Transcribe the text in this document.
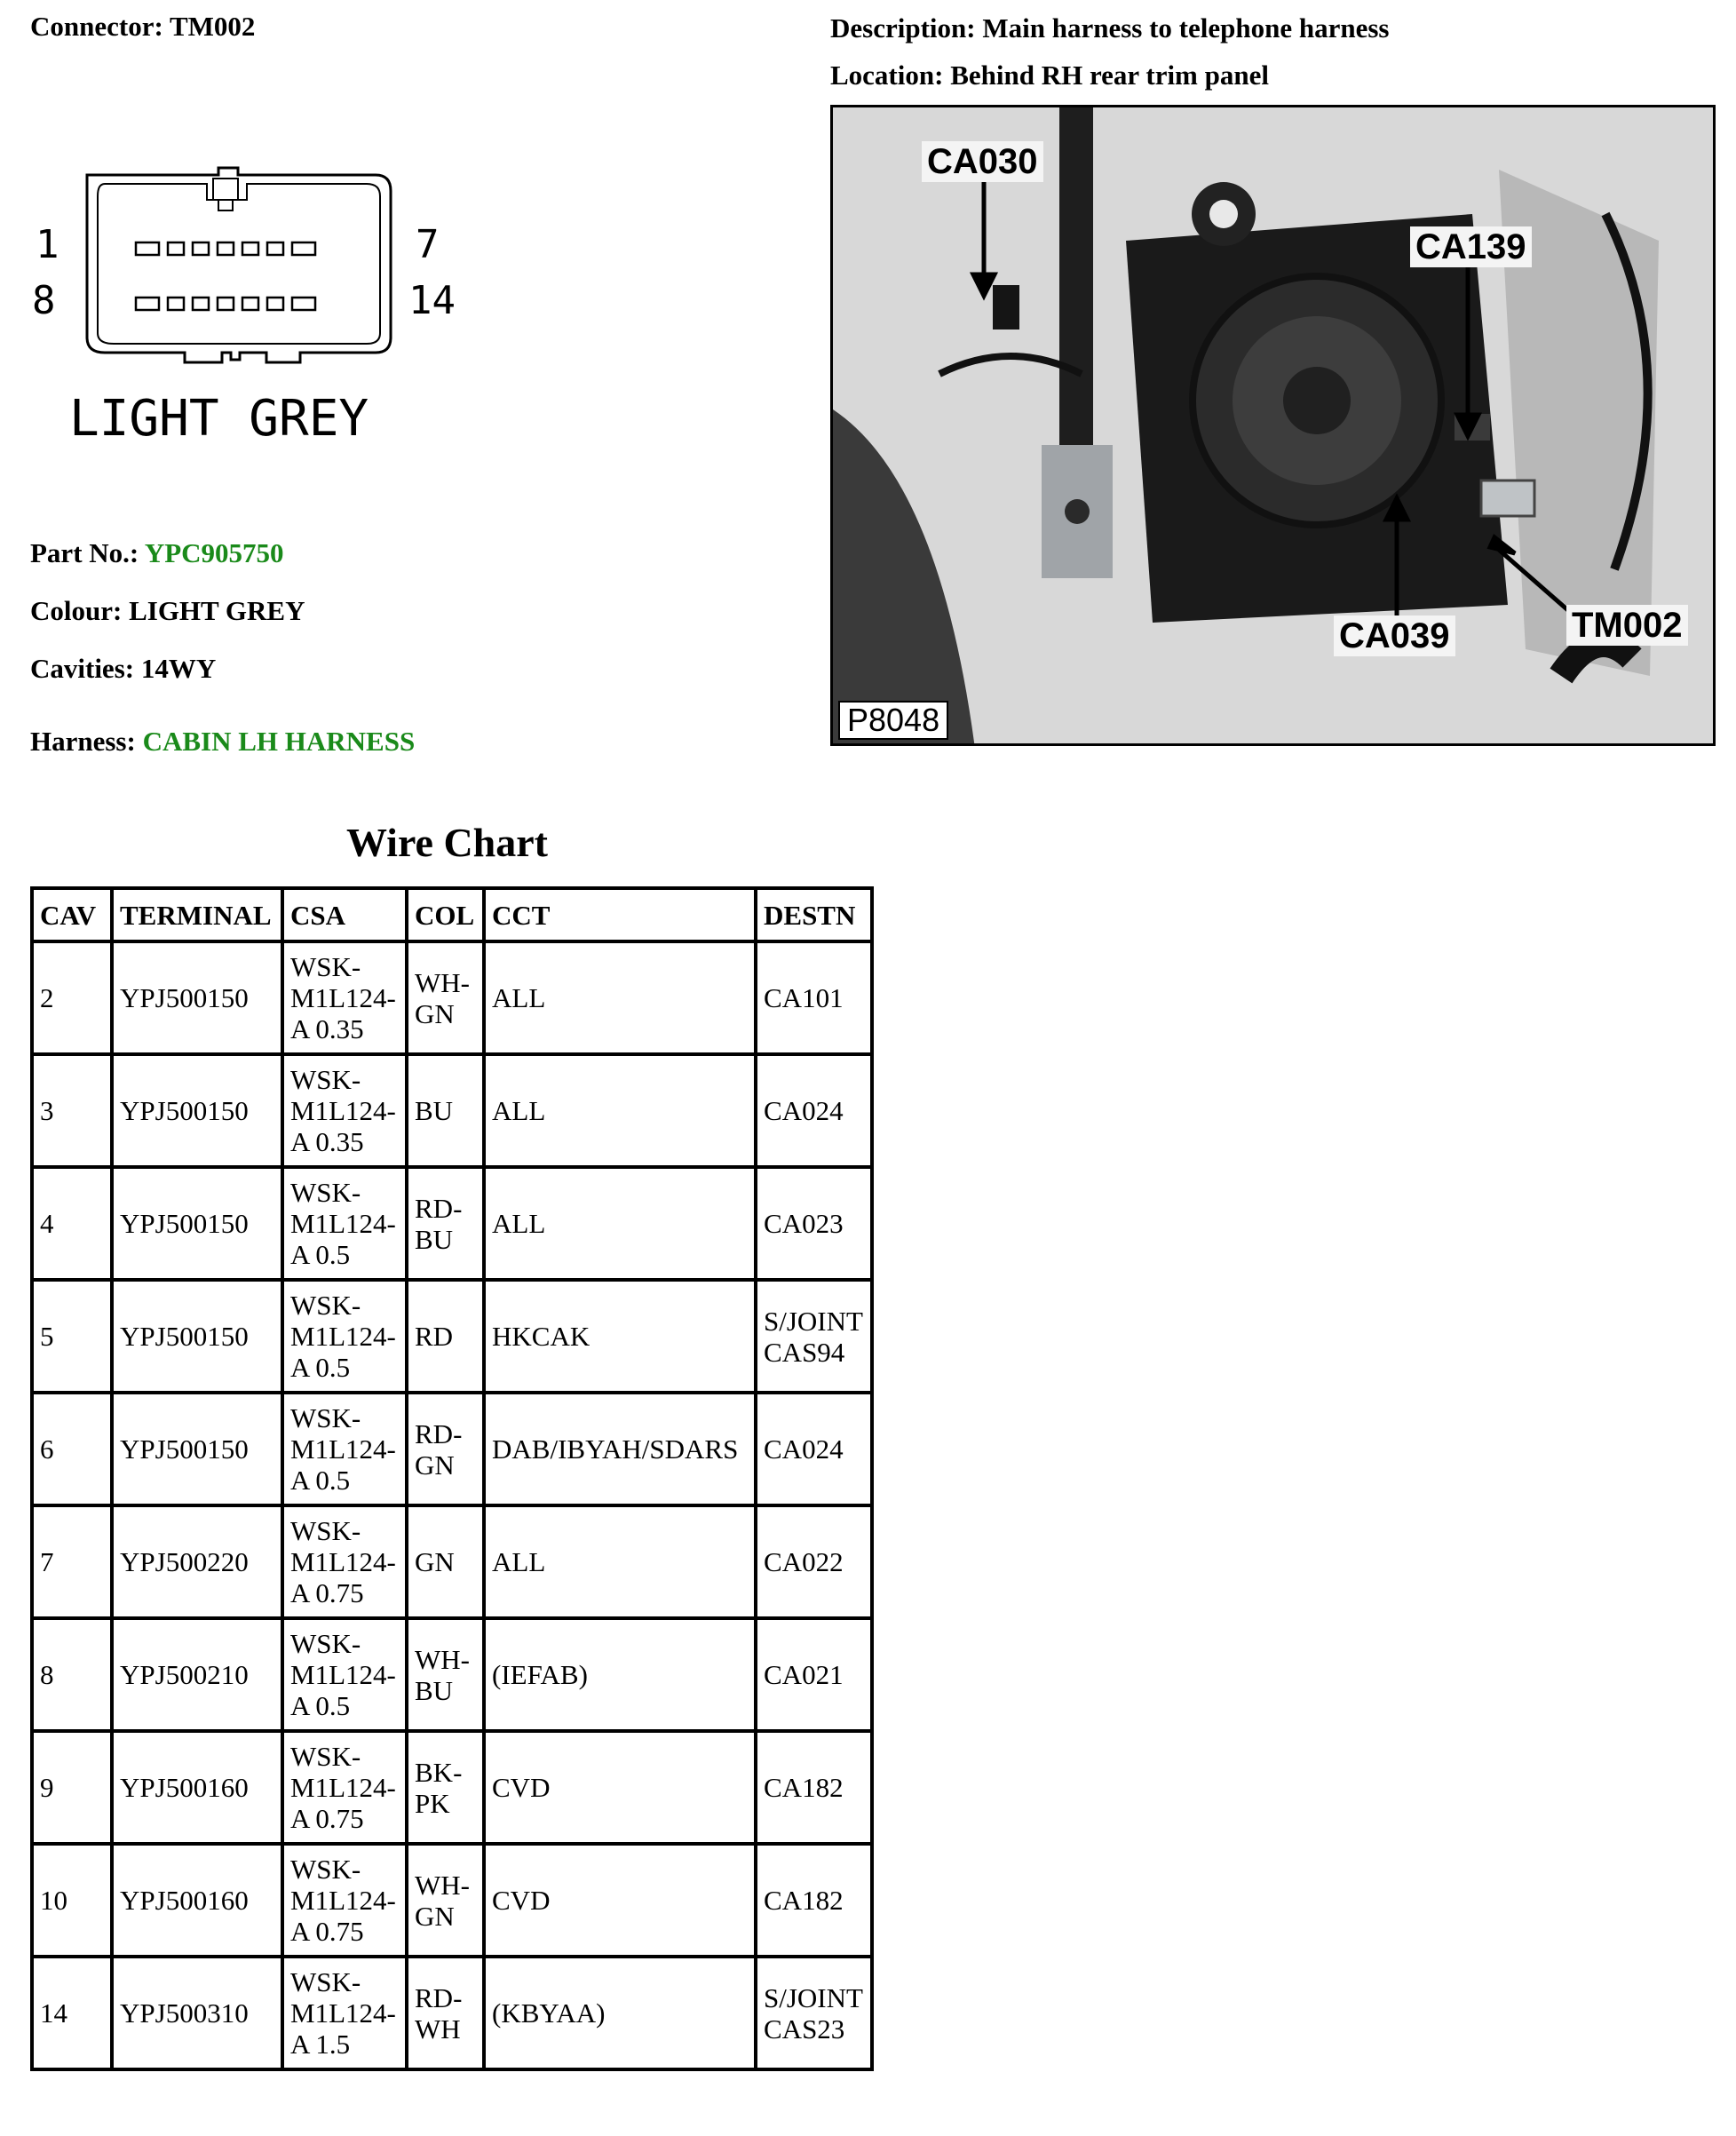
Connector: TM002
1
8
7
14
LIGHT GREY
Part No.: YPC905750
Colour: LIGHT GREY
Cavities: 14WY
Harness: CABIN LH HARNESS
Description: Main harness to telephone harness
Location: Behind RH rear trim panel
CA030
CA139
CA039	TM002
P8048
Wire Chart
CAV	TERMINAL	CSA	COL	CCT	DESTN
2	YPJ500150	WSK-
M1L124-
A 0.35	WH-
GN	ALL	CA101
3	YPJ500150	WSK-
M1L124-
A 0.35	BU	ALL	CA024
4	YPJ500150	WSK-
M1L124-
A 0.5	RD-
BU	ALL	CA023
5	YPJ500150	WSK-
M1L124-
A 0.5	RD	HKCAK	S/JOINT
CAS94
6	YPJ500150	WSK-
M1L124-
A 0.5	RD-
GN	DAB/IBYAH/SDARS	CA024
7	YPJ500220	WSK-
M1L124-
A 0.75	GN	ALL	CA022
8	YPJ500210	WSK-
M1L124-
A 0.5	WH-
BU	(IEFAB)	CA021
9	YPJ500160	WSK-
M1L124-
A 0.75	BK-
PK	CVD	CA182
10	YPJ500160	WSK-
M1L124-
A 0.75	WH-
GN	CVD	CA182
14	YPJ500310	WSK-
M1L124-
A 1.5	RD-
WH	(KBYAA)	S/JOINT
CAS23
